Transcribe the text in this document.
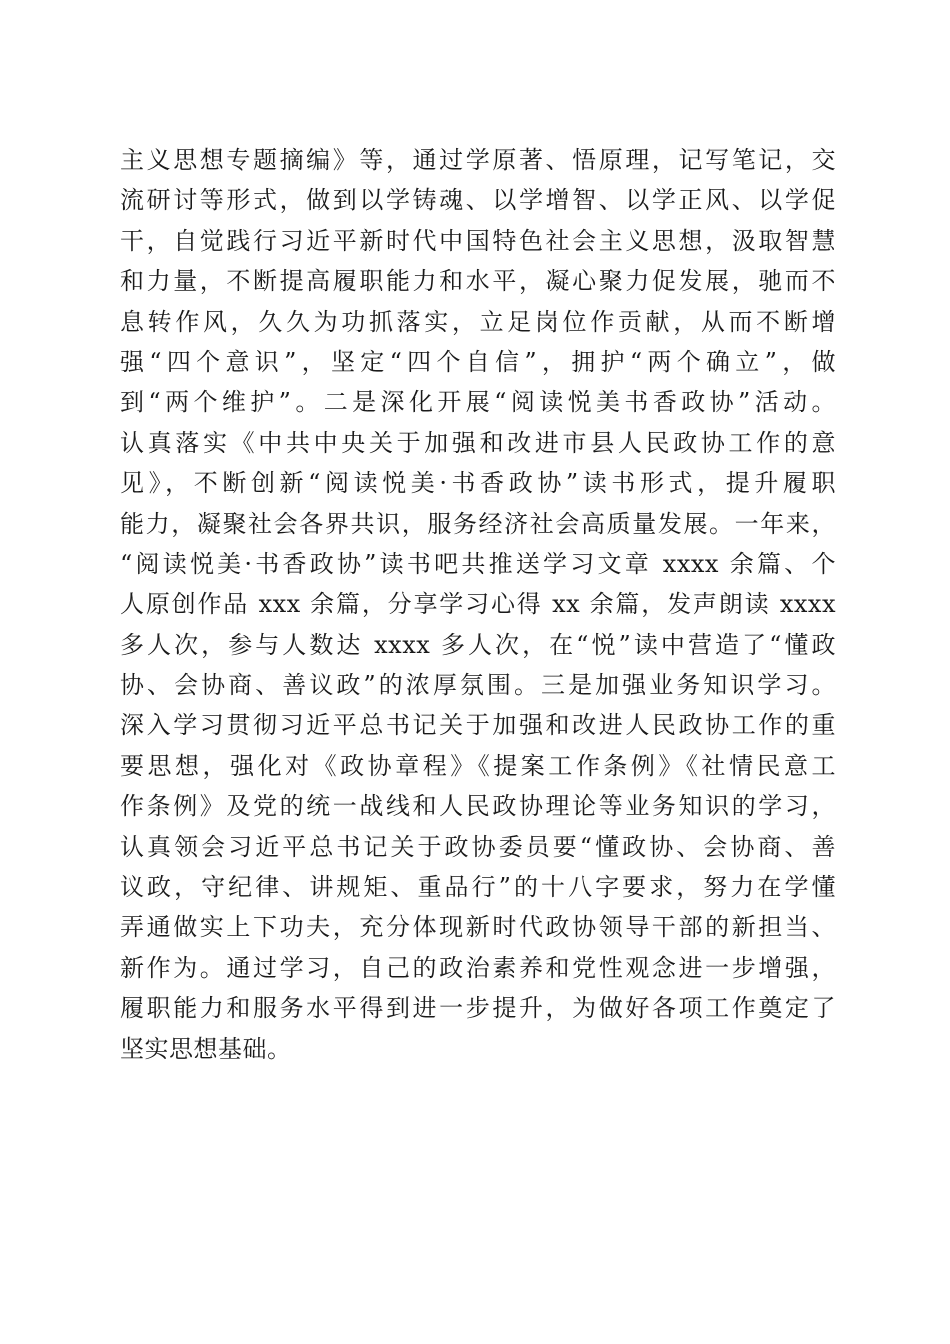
主义思想专题摘编》等，通过学原著、悟原理，记写笔记，交
流研讨等形式，做到以学铸魂、以学增智、以学正风、以学促
干，自觉践行习近平新时代中国特色社会主义思想，汲取智慧
和力量，不断提高履职能力和水平，凝心聚力促发展，驰而不
息转作风，久久为功抓落实，立足岗位作贡献，从而不断增
强“四个意识”，坚定“四个自信”，拥护“两个确立”，做
到“两个维护”。二是深化开展“阅读悦美书香政协”活动。
认真落实《中共中央关于加强和改进市县人民政协工作的意
见》，不断创新“阅读悦美·书香政协”读书形式，提升履职
能力，凝聚社会各界共识，服务经济社会高质量发展。一年来，
“阅读悦美·书香政协”读书吧共推送学习文章 xxxx 余篇、个
人原创作品 xxx 余篇，分享学习心得 xx 余篇，发声朗读 xxxx
多人次，参与人数达 xxxx 多人次，在“悦”读中营造了“懂政
协、会协商、善议政”的浓厚氛围。三是加强业务知识学习。
深入学习贯彻习近平总书记关于加强和改进人民政协工作的重
要思想，强化对《政协章程》《提案工作条例》《社情民意工
作条例》及党的统一战线和人民政协理论等业务知识的学习，
认真领会习近平总书记关于政协委员要“懂政协、会协商、善
议政，守纪律、讲规矩、重品行”的十八字要求，努力在学懂
弄通做实上下功夫，充分体现新时代政协领导干部的新担当、
新作为。通过学习，自己的政治素养和党性观念进一步增强，
履职能力和服务水平得到进一步提升，为做好各项工作奠定了
坚实思想基础。
